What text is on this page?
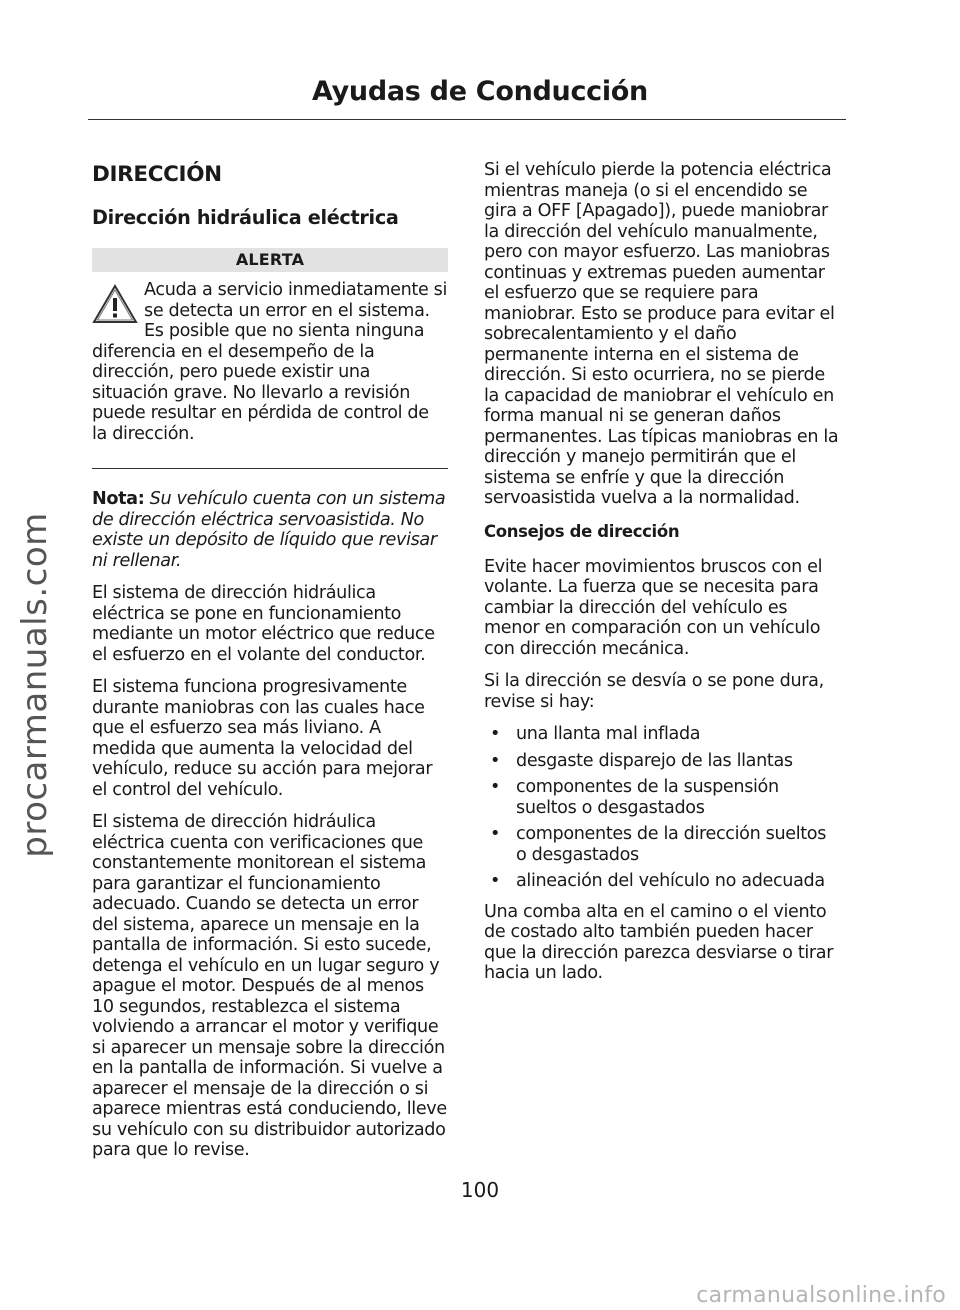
Ayudas de Conducción
procarmanuals.com
DIRECCIÓN
Dirección hidráulica eléctrica
ALERTA

Acuda a servicio inmediatamente si se detecta un error en el sistema. Es posible que no sienta ninguna diferencia en el desempeño de la dirección, pero puede existir una situación grave. No llevarlo a revisión puede resultar en pérdida de control de la dirección.

Nota: Su vehículo cuenta con un sistema de dirección eléctrica servoasistida. No existe un depósito de líquido que revisar ni rellenar.

El sistema de dirección hidráulica eléctrica se pone en funcionamiento mediante un motor eléctrico que reduce el esfuerzo en el volante del conductor.

El sistema funciona progresivamente durante maniobras con las cuales hace que el esfuerzo sea más liviano. A medida que aumenta la velocidad del vehículo, reduce su acción para mejorar el control del vehículo.

El sistema de dirección hidráulica eléctrica cuenta con verificaciones que constantemente monitorean el sistema para garantizar el funcionamiento adecuado. Cuando se detecta un error del sistema, aparece un mensaje en la pantalla de información. Si esto sucede, detenga el vehículo en un lugar seguro y apague el motor. Después de al menos 10 segundos, restablezca el sistema volviendo a arrancar el motor y verifique si aparecer un mensaje sobre la dirección en la pantalla de información. Si vuelve a aparecer el mensaje de la dirección o si aparece mientras está conduciendo, lleve su vehículo con su distribuidor autorizado para que lo revise.

Si el vehículo pierde la potencia eléctrica mientras maneja (o si el encendido se gira a OFF [Apagado]), puede maniobrar la dirección del vehículo manualmente, pero con mayor esfuerzo. Las maniobras continuas y extremas pueden aumentar el esfuerzo que se requiere para maniobrar. Esto se produce para evitar el sobrecalentamiento y el daño permanente interna en el sistema de dirección. Si esto ocurriera, no se pierde la capacidad de maniobrar el vehículo en forma manual ni se generan daños permanentes. Las típicas maniobras en la dirección y manejo permitirán que el sistema se enfríe y que la dirección servoasistida vuelva a la normalidad.

Consejos de dirección

Evite hacer movimientos bruscos con el volante. La fuerza que se necesita para cambiar la dirección del vehículo es menor en comparación con un vehículo con dirección mecánica.

Si la dirección se desvía o se pone dura, revise si hay:

• una llanta mal inflada
• desgaste disparejo de las llantas
• componentes de la suspensión sueltos o desgastados
• componentes de la dirección sueltos o desgastados
• alineación del vehículo no adecuada

Una comba alta en el camino o el viento de costado alto también pueden hacer que la dirección parezca desviarse o tirar hacia un lado.

100
carmanualsonline.info
